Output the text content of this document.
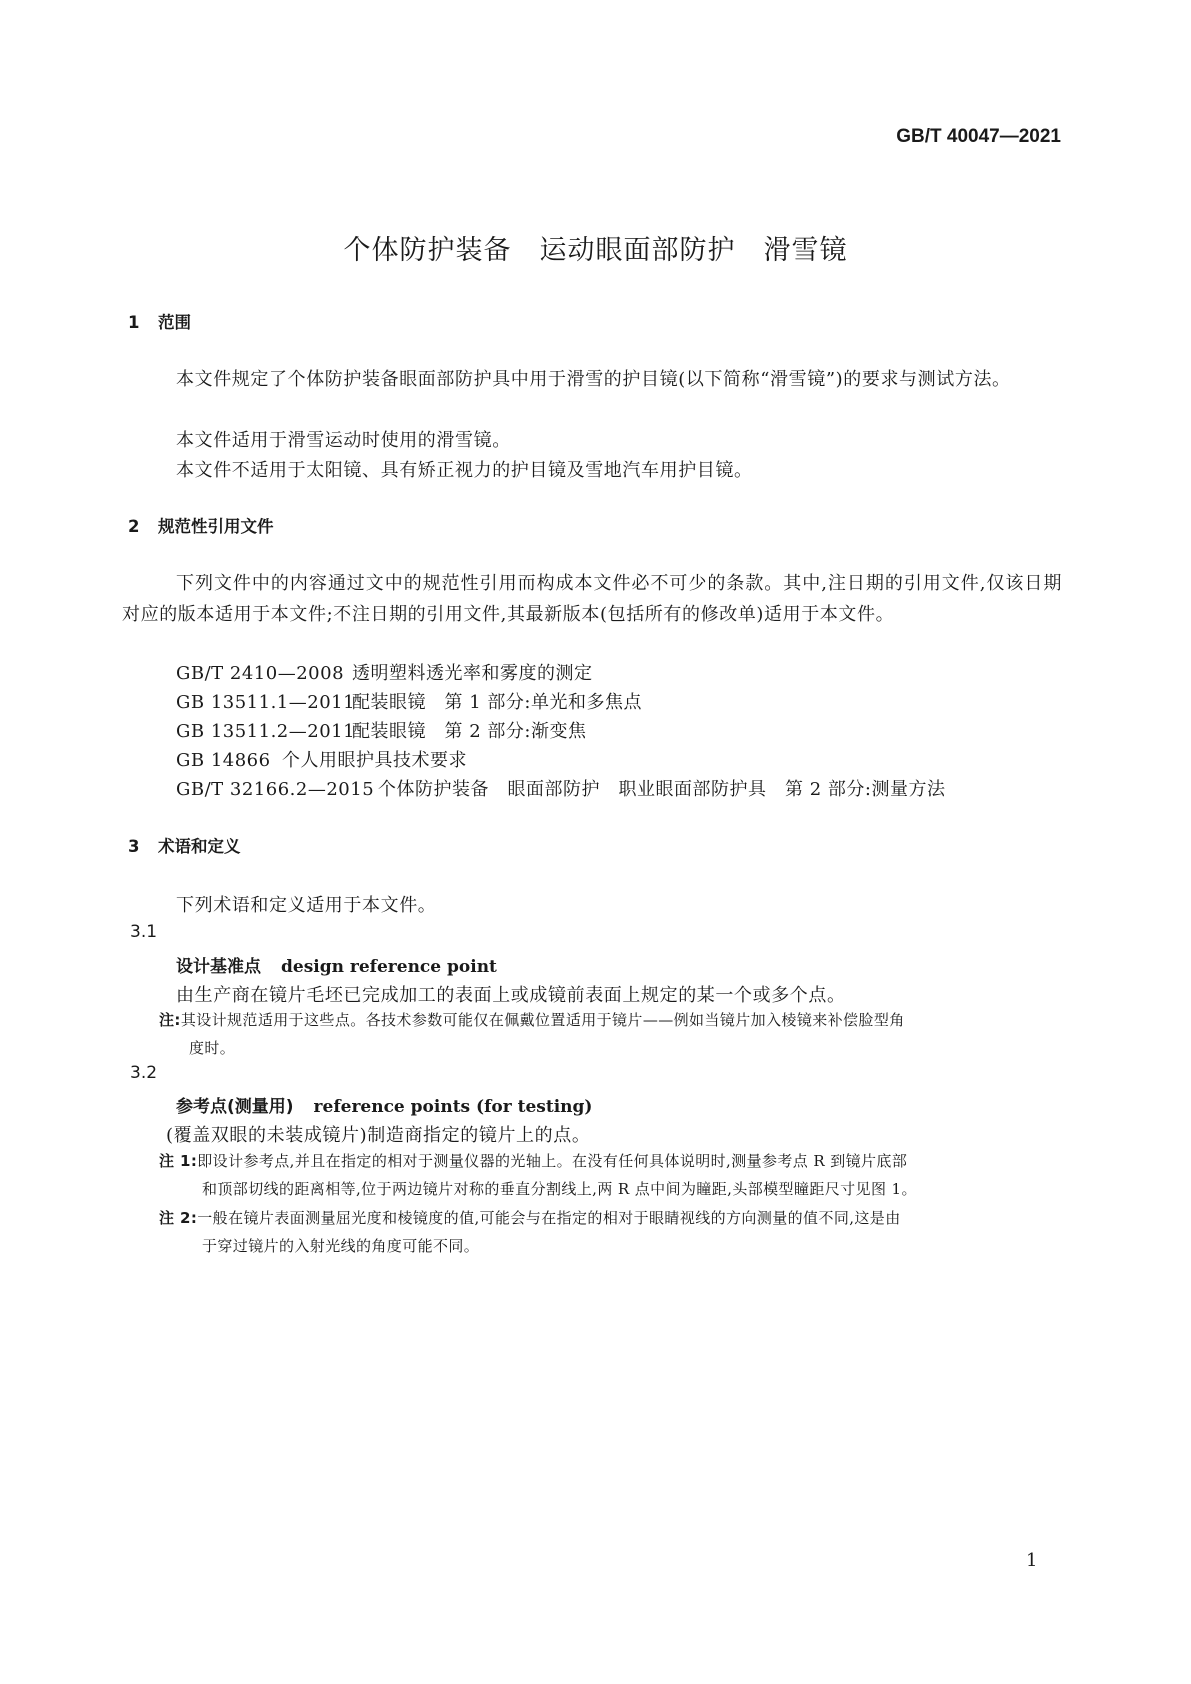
GB/T 40047—2021
个体防护装备　运动眼面部防护　滑雪镜
1 范围
本文件规定了个体防护装备眼面部防护具中用于滑雪的护目镜(以下简称“滑雪镜”)的要求与测试方法。
本文件适用于滑雪运动时使用的滑雪镜。
本文件不适用于太阳镜、具有矫正视力的护目镜及雪地汽车用护目镜。
2 规范性引用文件
下列文件中的内容通过文中的规范性引用而构成本文件必不可少的条款。其中,注日期的引用文件,仅该日期对应的版本适用于本文件;不注日期的引用文件,其最新版本(包括所有的修改单)适用于本文件。
GB/T 2410—2008 透明塑料透光率和雾度的测定
GB 13511.1—2011配装眼镜　第 1 部分:单光和多焦点
GB 13511.2—2011配装眼镜　第 2 部分:渐变焦
GB 14866 个人用眼护具技术要求
GB/T 32166.2—2015 个体防护装备　眼面部防护　职业眼面部防护具　第 2 部分:测量方法
3 术语和定义
下列术语和定义适用于本文件。
3.1
设计基准点 design reference point
由生产商在镜片毛坯已完成加工的表面上或成镜前表面上规定的某一个或多个点。
注:其设计规范适用于这些点。各技术参数可能仅在佩戴位置适用于镜片——例如当镜片加入棱镜来补偿脸型角
度时。
3.2
参考点(测量用) reference points (for testing)
(覆盖双眼的未装成镜片)制造商指定的镜片上的点。
注 1:即设计参考点,并且在指定的相对于测量仪器的光轴上。在没有任何具体说明时,测量参考点 R 到镜片底部
和顶部切线的距离相等,位于两边镜片对称的垂直分割线上,两 R 点中间为瞳距,头部模型瞳距尺寸见图 1。
注 2:一般在镜片表面测量屈光度和棱镜度的值,可能会与在指定的相对于眼睛视线的方向测量的值不同,这是由
于穿过镜片的入射光线的角度可能不同。
1
